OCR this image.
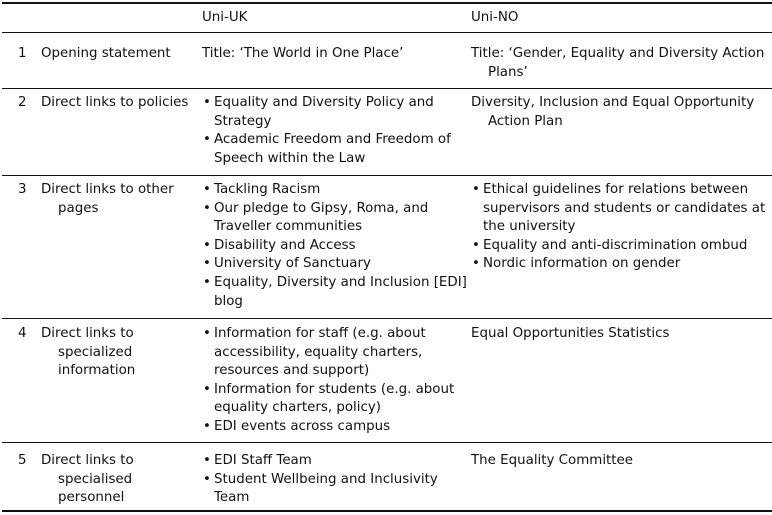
Uni-UK	Uni-NO
1	Opening statement	Title: ‘The World in One Place’	Title: ‘Gender, Equality and Diversity Action Plans’
2	Direct links to policies
•	Equality and Diversity Policy and Strategy
• Academic Freedom and Freedom of Speech within the Law
Diversity, Inclusion and Equal Opportunity Action Plan
3	Direct links to other pages
• Tackling Racism
• Our pledge to Gipsy, Roma, and Traveller communities
• Disability and Access
• University of Sanctuary
• Equality, Diversity and Inclusion [EDI] blog
• Ethical guidelines for relations between supervisors and students or candidates at the university
• Equality and anti-discrimination ombud
• Nordic information on gender
4	Direct links to specialized information
• Information for staff (e.g. about accessibility, equality charters, resources and support)
• Information for students (e.g. about equality charters, policy)
• EDI events across campus
Equal Opportunities Statistics
5	Direct links to specialised personnel
• EDI Staff Team
• Student Wellbeing and Inclusivity Team
The Equality Committee
